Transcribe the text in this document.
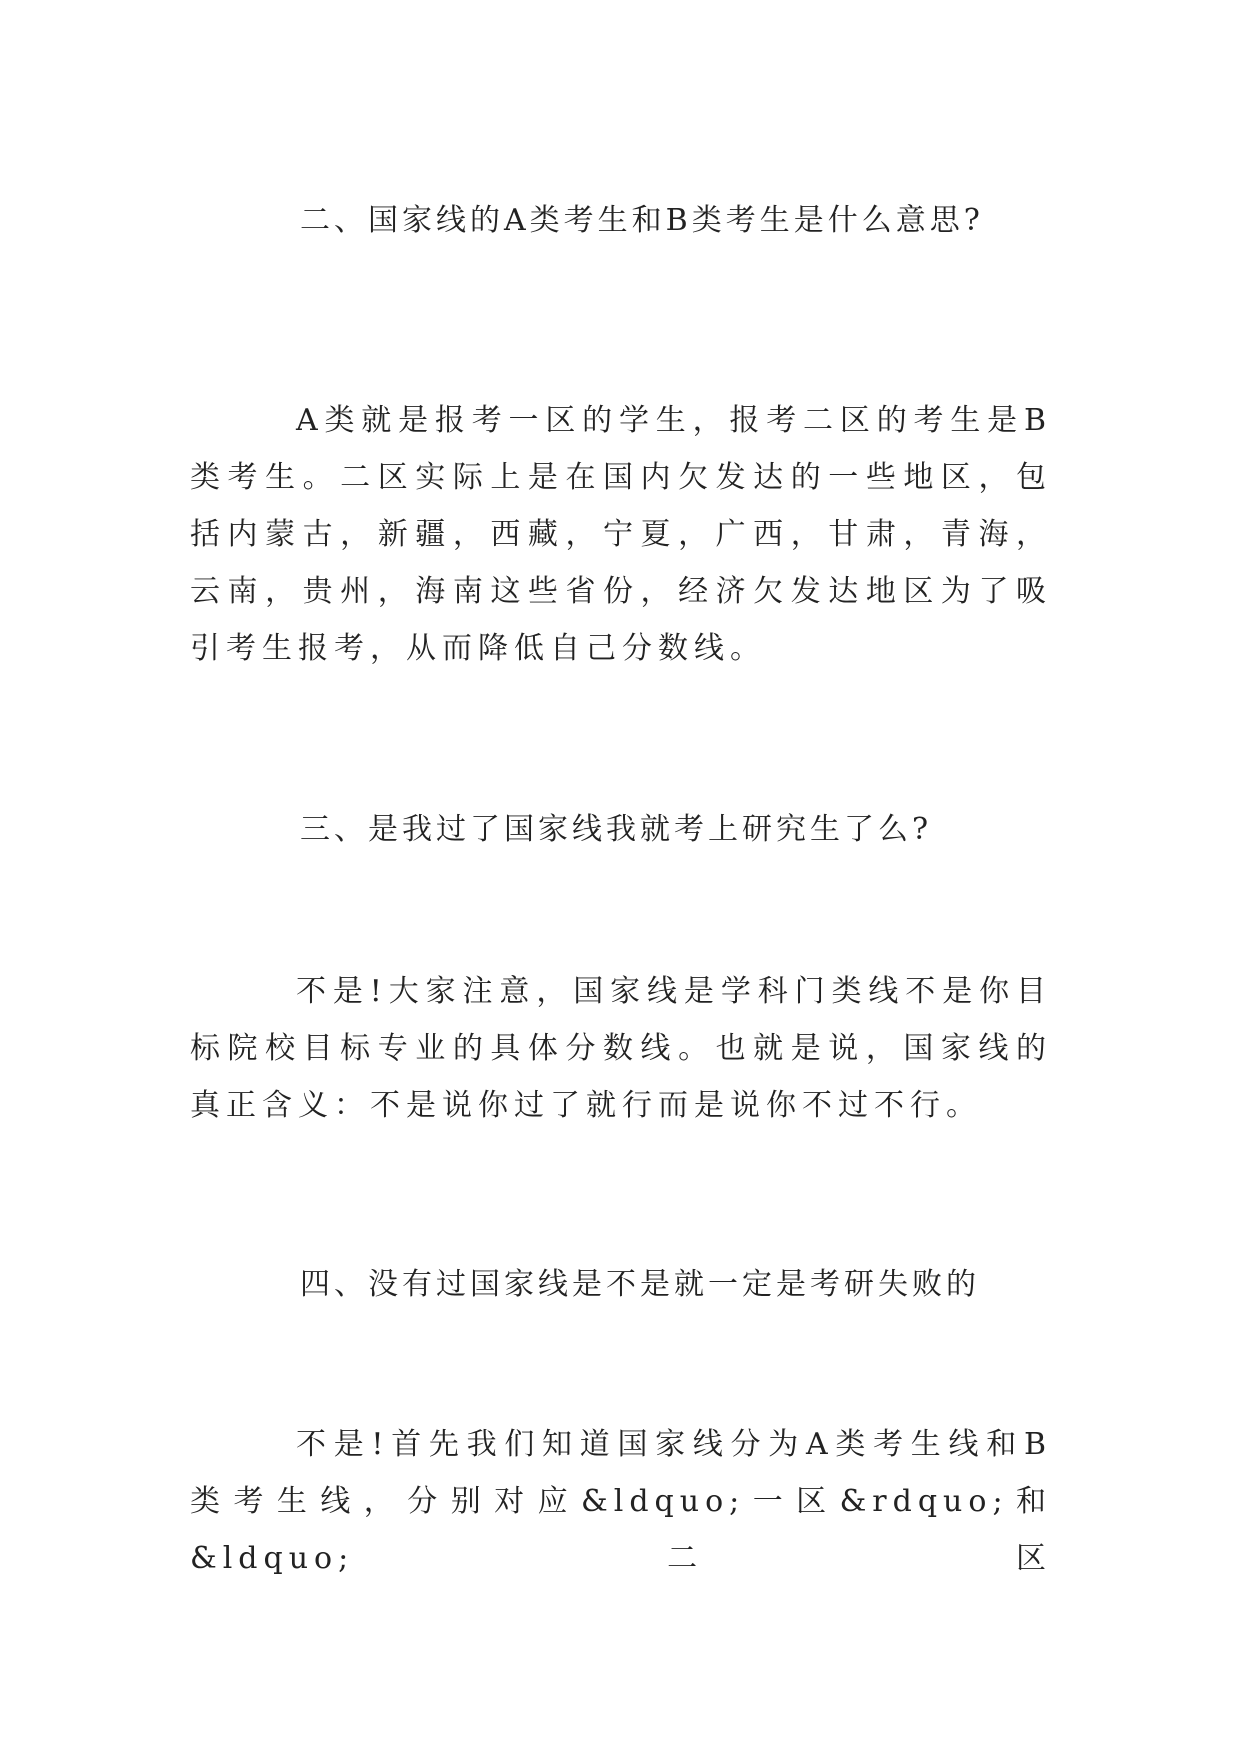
二、国家线的A类考生和B类考生是什么意思?

A类就是报考一区的学生，报考二区的考生是B类考生。二区实际上是在国内欠发达的一些地区，包括内蒙古，新疆，西藏，宁夏，广西，甘肃，青海，云南，贵州，海南这些省份，经济欠发达地区为了吸引考生报考，从而降低自己分数线。

三、是我过了国家线我就考上研究生了么?

不是!大家注意，国家线是学科门类线不是你目标院校目标专业的具体分数线。也就是说，国家线的真正含义：不是说你过了就行而是说你不过不行。

四、没有过国家线是不是就一定是考研失败的

不是!首先我们知道国家线分为A类考生线和B类考生线，分别对应&ldquo;一区&rdquo;和&ldquo;二区
